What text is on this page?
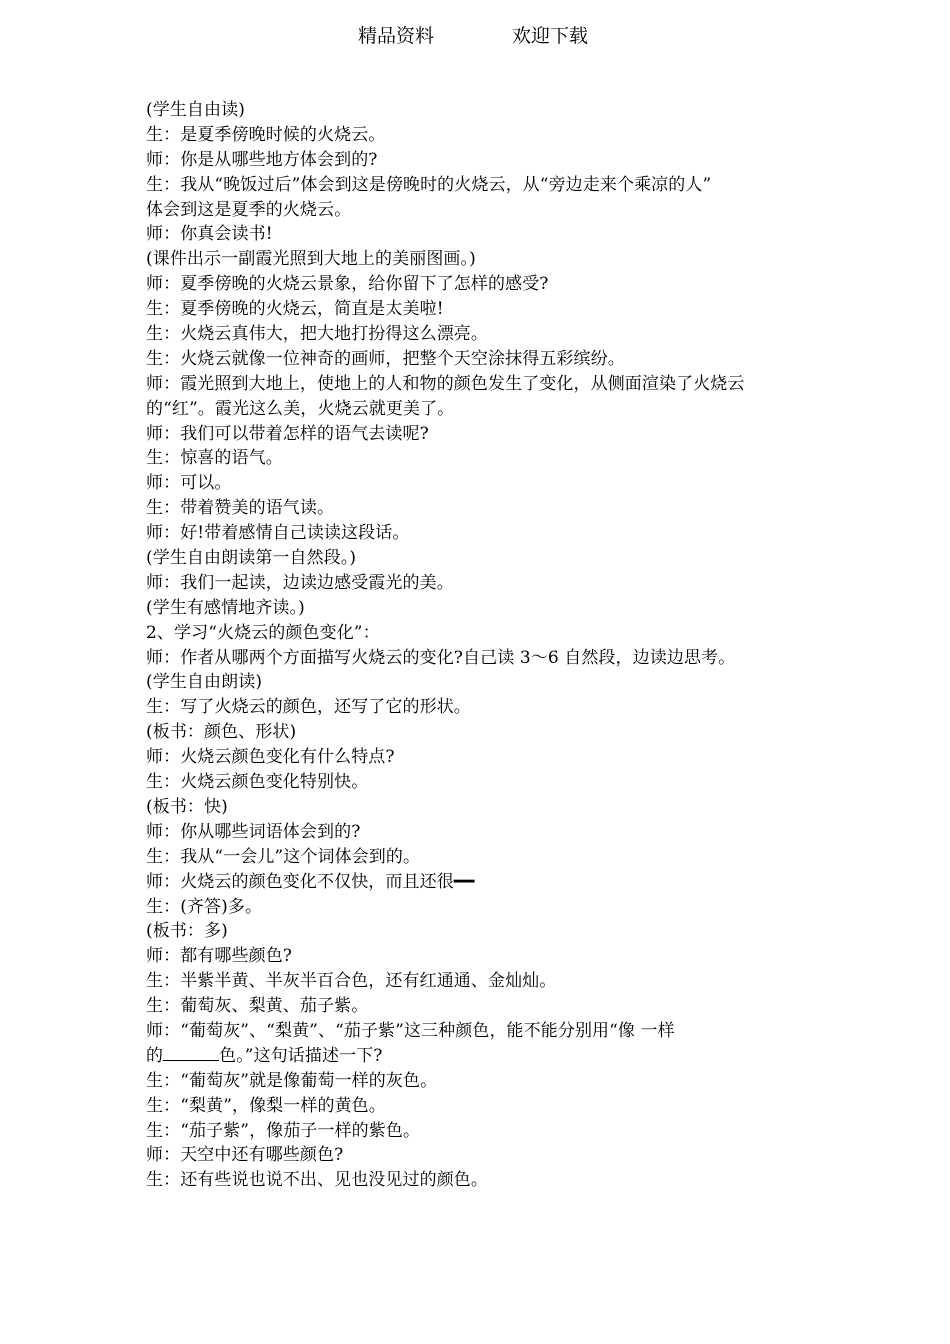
精品资料	欢迎下载
(学生自由读)
生：是夏季傍晚时候的火烧云。
师：你是从哪些地方体会到的?
生：我从“晚饭过后”体会到这是傍晚时的火烧云，从“旁边走来个乘凉的人”
体会到这是夏季的火烧云。
师：你真会读书!
(课件出示一副霞光照到大地上的美丽图画。)
师：夏季傍晚的火烧云景象，给你留下了怎样的感受?
生：夏季傍晚的火烧云，简直是太美啦!
生：火烧云真伟大，把大地打扮得这么漂亮。
生：火烧云就像一位神奇的画师，把整个天空涂抹得五彩缤纷。
师：霞光照到大地上，使地上的人和物的颜色发生了变化，从侧面渲染了火烧云
的“红”。霞光这么美，火烧云就更美了。
师：我们可以带着怎样的语气去读呢?
生：惊喜的语气。
师：可以。
生：带着赞美的语气读。
师：好!带着感情自己读读这段话。
(学生自由朗读第一自然段。)
师：我们一起读，边读边感受霞光的美。
(学生有感情地齐读。)
2、学习“火烧云的颜色变化”：
师：作者从哪两个方面描写火烧云的变化?自己读 3～6 自然段，边读边思考。
(学生自由朗读)
生：写了火烧云的颜色，还写了它的形状。
(板书：颜色、形状)
师：火烧云颜色变化有什么特点?
生：火烧云颜色变化特别快。
(板书：快)
师：你从哪些词语体会到的?
生：我从“一会儿”这个词体会到的。
师：火烧云的颜色变化不仅快，而且还很━━
生：(齐答)多。
(板书：多)
师：都有哪些颜色?
生：半紫半黄、半灰半百合色，还有红通通、金灿灿。
生：葡萄灰、梨黄、茄子紫。
师：“葡萄灰”、“梨黄”、“茄子紫”这三种颜色，能不能分别用“像 一样
的	色。”这句话描述一下?
生：“葡萄灰”就是像葡萄一样的灰色。
生：“梨黄”，像梨一样的黄色。
生：“茄子紫”，像茄子一样的紫色。
师：天空中还有哪些颜色?
生：还有些说也说不出、见也没见过的颜色。
